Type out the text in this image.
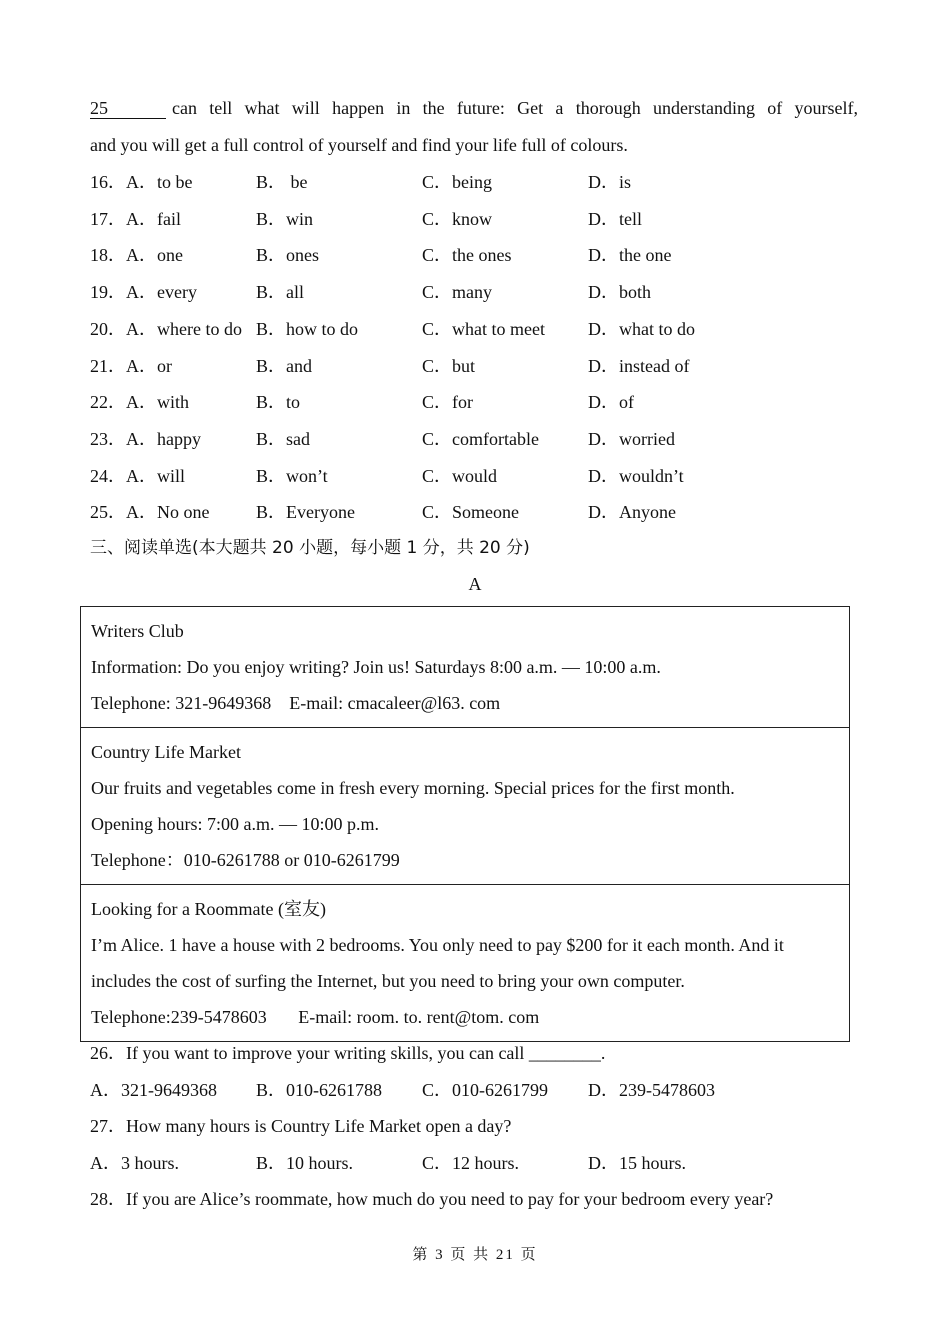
25	can tell what will happen in the future: Get a thorough understanding of yourself,
and you will get a full control of yourself and find your life full of colours.
16．A．to be	B． be	C．being	D．is
17．A．fail	B．win	C．know	D．tell
18．A．one	B．ones	C．the ones	D．the one
19．A．every	B．all	C．many	D．both
20．A．where to do B．how to do	C．what to meet D．what to do
21．A．or	B．and	C．but	D．instead of
22．A．with	B．to	C．for	D．of
23．A．happy	B．sad	C．comfortable	D．worried
24．A．will	B．won’t	C．would	D．wouldn’t
25．A．No one	B．Everyone	C．Someone	D．Anyone
三、阅读单选(本大题共 20 小题，每小题 1 分，共 20 分)
A

Writers Club

Information: Do you enjoy writing? Join us! Saturdays 8:00 a.m. — 10:00 a.m.

Telephone: 321-9649368    E-mail: cmacaleer@l63. com

Country Life Market

Our fruits and vegetables come in fresh every morning. Special prices for the first month.

Opening hours: 7:00 a.m. — 10:00 p.m.

Telephone：010-6261788 or 010-6261799

Looking for a Roommate (室友)

I’m Alice. 1 have a house with 2 bedrooms. You only need to pay $200 for it each month. And it includes the cost of surfing the Internet, but you need to bring your own computer.

Telephone:239-5478603       E-mail: room. to. rent@tom. com

26．If you want to improve your writing skills, you can call ________.
A．321-9649368 B．010-6261788 C．010-6261799 D．239-5478603
27．How many hours is Country Life Market open a day?
A．3 hours.	B．10 hours.	C．12 hours.	D．15 hours.
28．If you are Alice’s roommate, how much do you need to pay for your bedroom every year?
第 3 页 共 21 页
